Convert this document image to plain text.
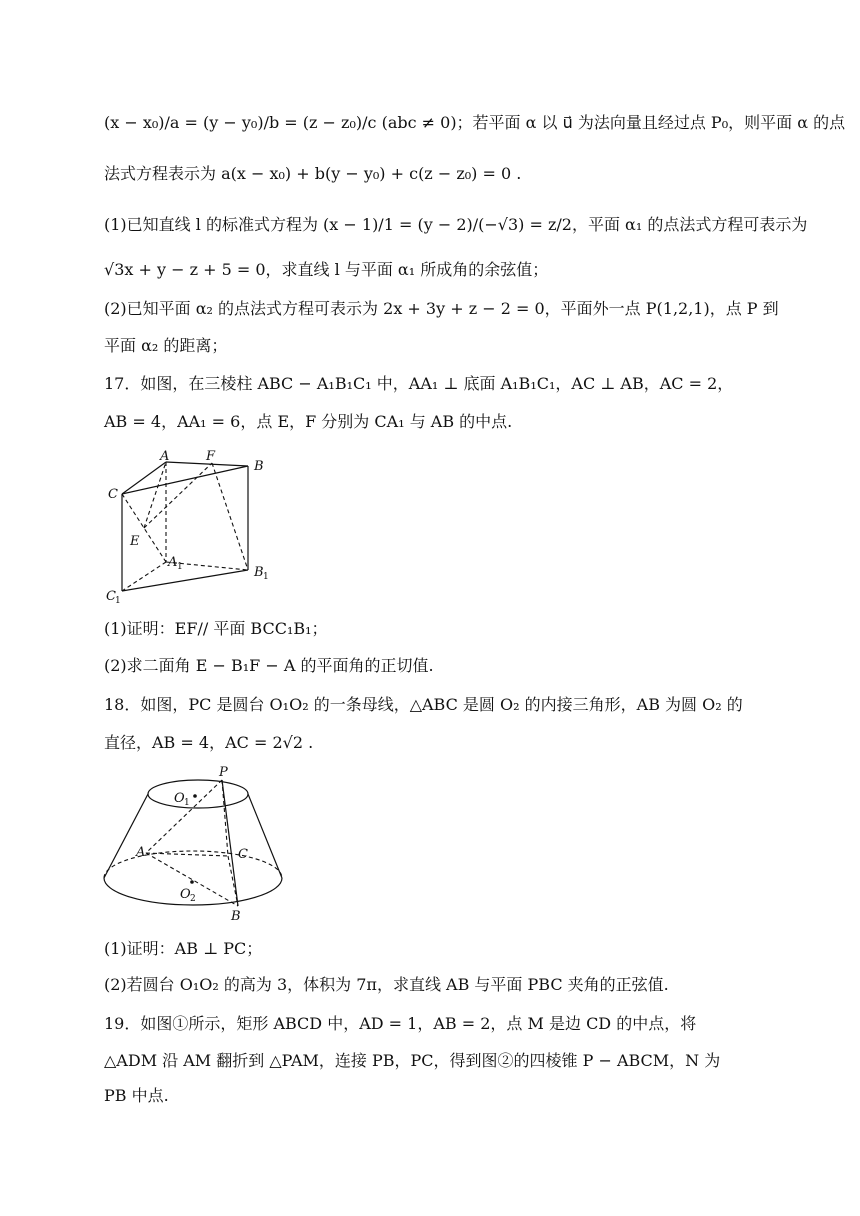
(x − x₀)/a = (y − y₀)/b = (z − z₀)/c (abc ≠ 0)；若平面 α 以 u⃗ 为法向量且经过点 P₀，则平面 α 的点
法式方程表示为 a(x − x₀) + b(y − y₀) + c(z − z₀) = 0 .
(1)已知直线 l 的标准式方程为 (x − 1)/1 = (y − 2)/(−√3) = z/2，平面 α₁ 的点法式方程可表示为
√3x + y − z + 5 = 0，求直线 l 与平面 α₁ 所成角的余弦值；
(2)已知平面 α₂ 的点法式方程可表示为 2x + 3y + z − 2 = 0，平面外一点 P(1,2,1)，点 P 到
平面 α₂ 的距离；
17．如图，在三棱柱 ABC − A₁B₁C₁ 中，AA₁ ⊥ 底面 A₁B₁C₁，AC ⊥ AB，AC = 2，
AB = 4，AA₁ = 6，点 E，F 分别为 CA₁ 与 AB 的中点.
A	F
B
C
E
A 1	B 1
C 1
(1)证明：EF// 平面 BCC₁B₁；
(2)求二面角 E − B₁F − A 的平面角的正切值.
18．如图，PC 是圆台 O₁O₂ 的一条母线，△ABC 是圆 O₂ 的内接三角形，AB 为圆 O₂ 的
直径，AB = 4，AC = 2√2 .
P
O 1
A	C
O 2
B
(1)证明：AB ⊥ PC；
(2)若圆台 O₁O₂ 的高为 3，体积为 7π，求直线 AB 与平面 PBC 夹角的正弦值.
19．如图①所示，矩形 ABCD 中，AD = 1，AB = 2，点 M 是边 CD 的中点，将
△ADM 沿 AM 翻折到 △PAM，连接 PB，PC，得到图②的四棱锥 P − ABCM，N 为
PB 中点.
